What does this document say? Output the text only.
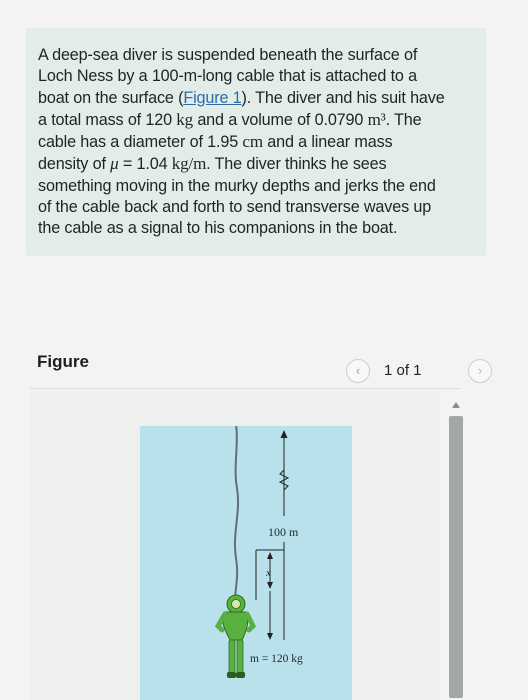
A deep-sea diver is suspended beneath the surface of
Loch Ness by a 100-m-long cable that is attached to a
boat on the surface (Figure 1). The diver and his suit have
a total mass of 120 kg and a volume of 0.0790 m³. The
cable has a diameter of 1.95 cm and a linear mass
density of μ = 1.04 kg/m. The diver thinks he sees
something moving in the murky depths and jerks the end
of the cable back and forth to send transverse waves up
the cable as a signal to his companions in the boat.
Figure	‹	1 of 1	›
100 m
x
m = 120 kg
